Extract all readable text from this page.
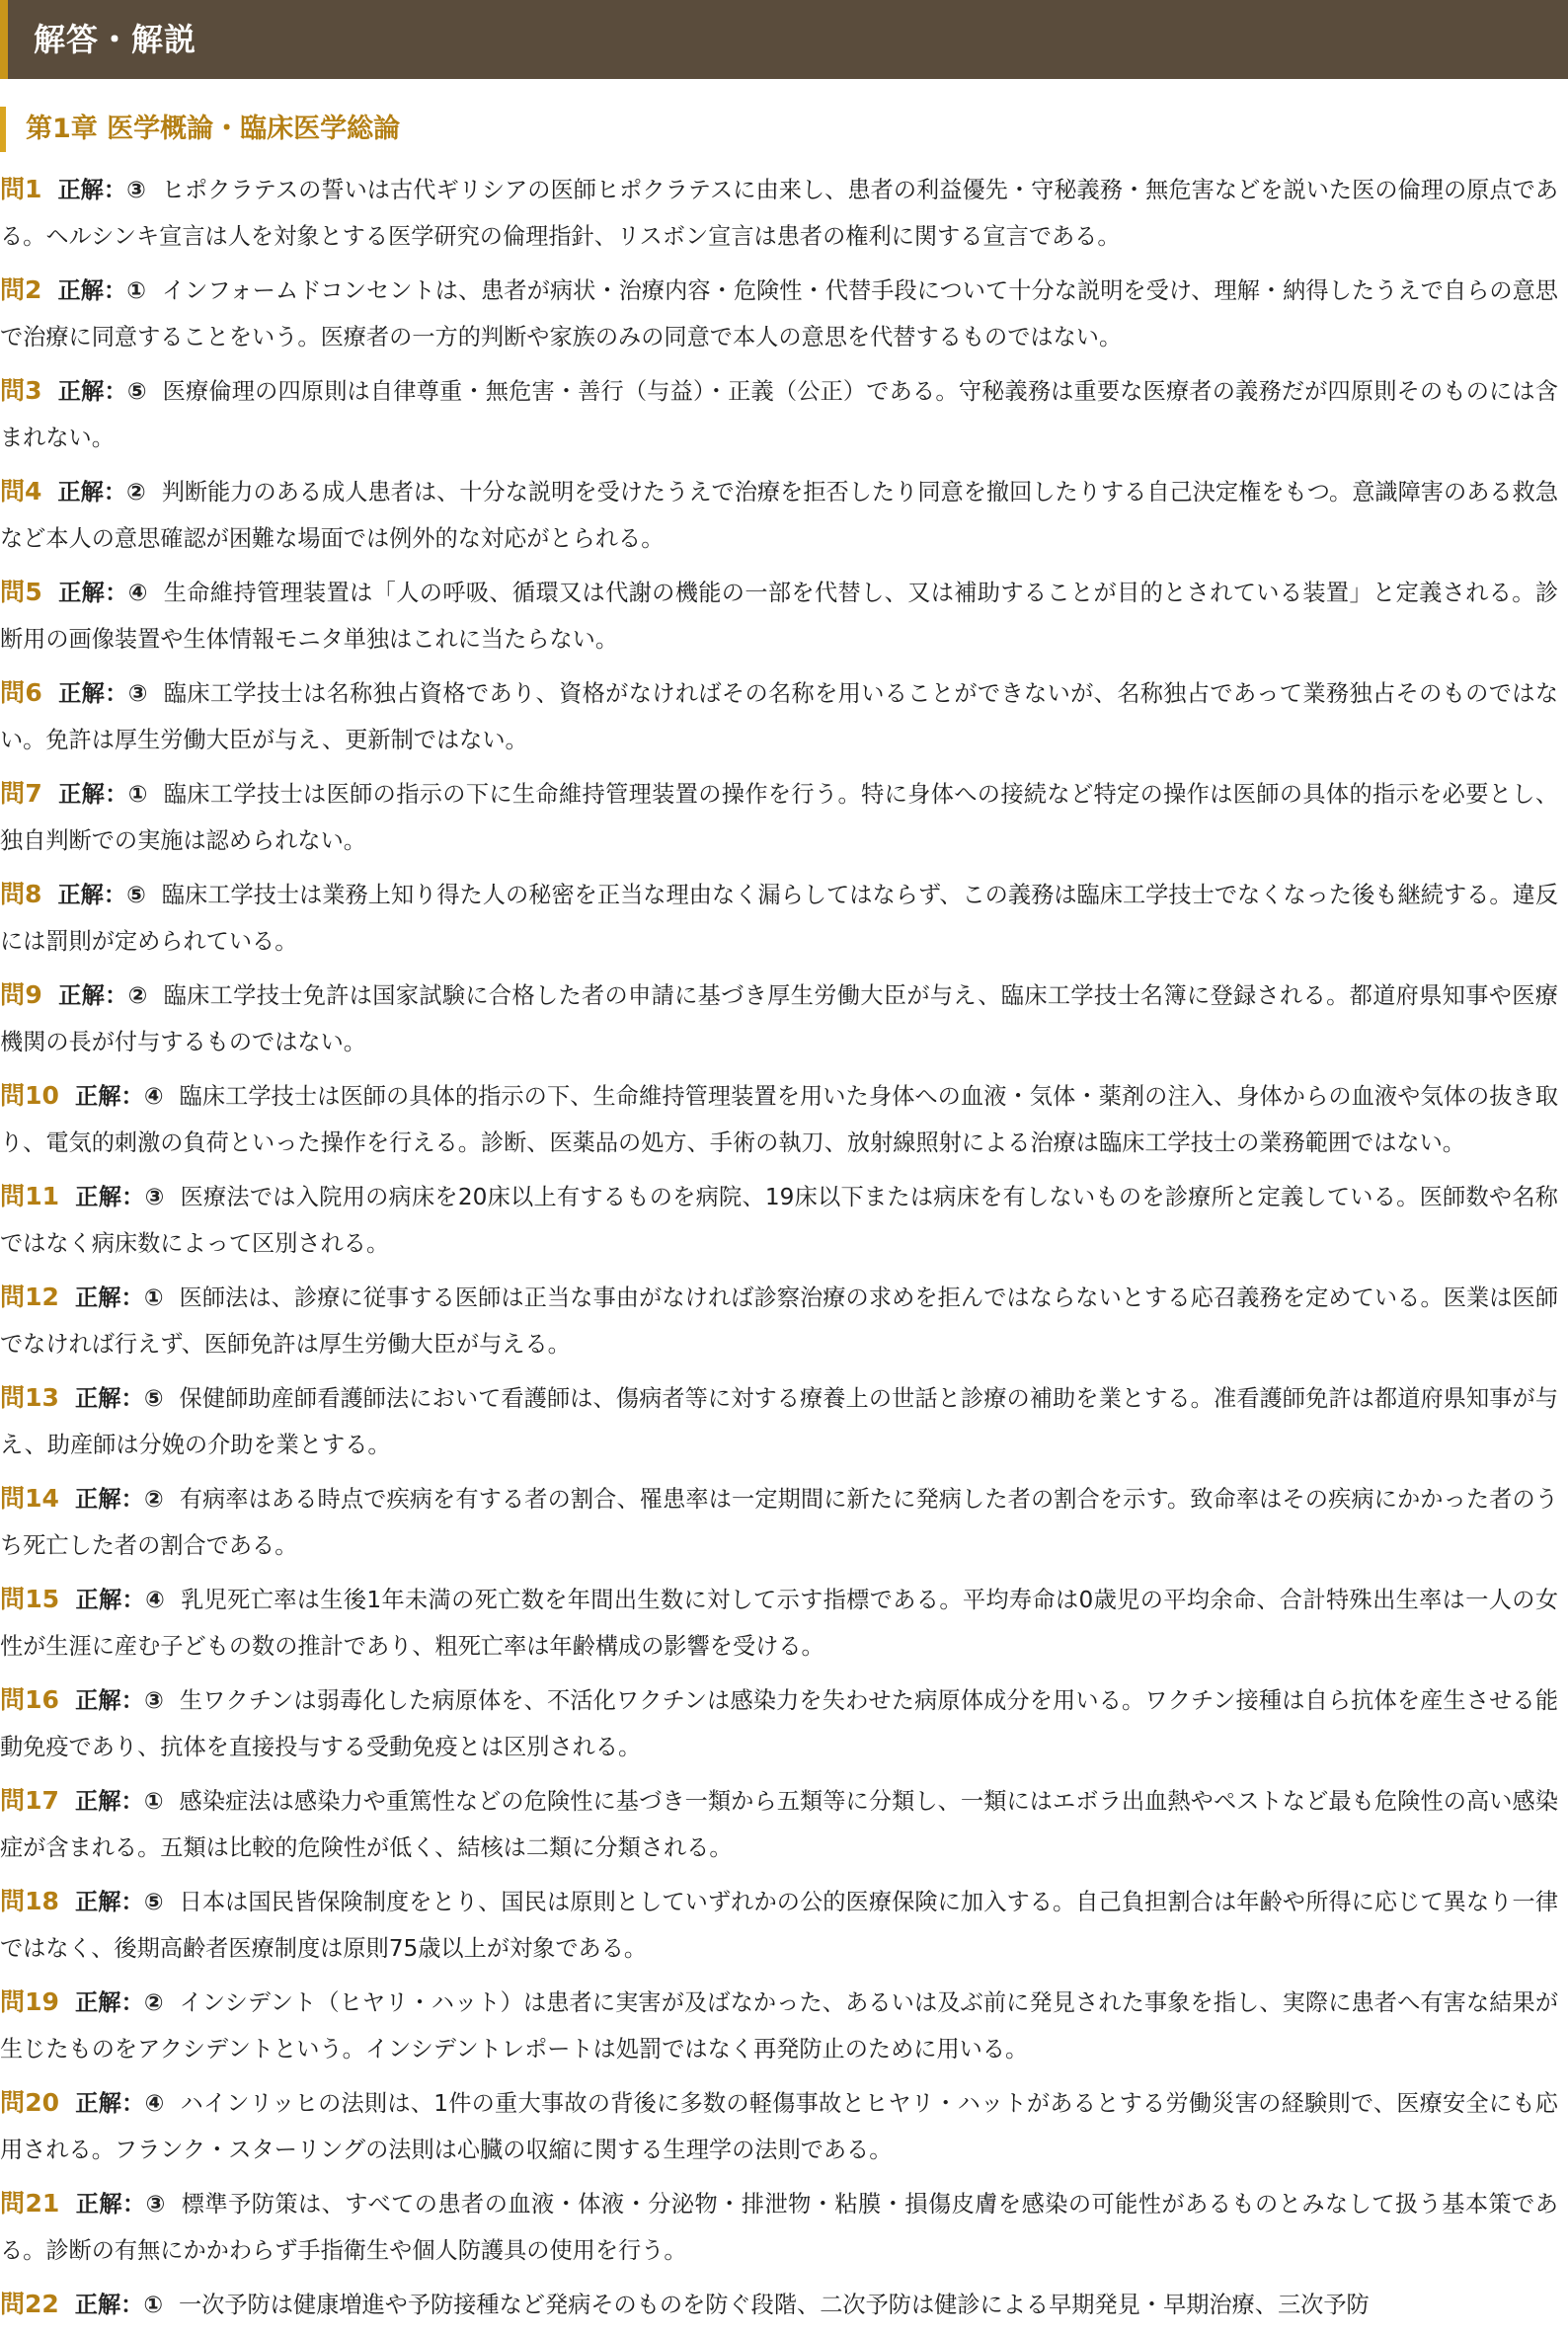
解答・解説
第1章 医学概論・臨床医学総論
問1 正解：③ ヒポクラテスの誓いは古代ギリシアの医師ヒポクラテスに由来し、患者の利益優先・守秘義務・無危害などを説いた医の倫理の原点である。ヘルシンキ宣言は人を対象とする医学研究の倫理指針、リスボン宣言は患者の権利に関する宣言である。
問2 正解：① インフォームドコンセントは、患者が病状・治療内容・危険性・代替手段について十分な説明を受け、理解・納得したうえで自らの意思で治療に同意することをいう。医療者の一方的判断や家族のみの同意で本人の意思を代替するものではない。
問3 正解：⑤ 医療倫理の四原則は自律尊重・無危害・善行（与益）・正義（公正）である。守秘義務は重要な医療者の義務だが四原則そのものには含まれない。
問4 正解：② 判断能力のある成人患者は、十分な説明を受けたうえで治療を拒否したり同意を撤回したりする自己決定権をもつ。意識障害のある救急など本人の意思確認が困難な場面では例外的な対応がとられる。
問5 正解：④ 生命維持管理装置は「人の呼吸、循環又は代謝の機能の一部を代替し、又は補助することが目的とされている装置」と定義される。診断用の画像装置や生体情報モニタ単独はこれに当たらない。
問6 正解：③ 臨床工学技士は名称独占資格であり、資格がなければその名称を用いることができないが、名称独占であって業務独占そのものではない。免許は厚生労働大臣が与え、更新制ではない。
問7 正解：① 臨床工学技士は医師の指示の下に生命維持管理装置の操作を行う。特に身体への接続など特定の操作は医師の具体的指示を必要とし、独自判断での実施は認められない。
問8 正解：⑤ 臨床工学技士は業務上知り得た人の秘密を正当な理由なく漏らしてはならず、この義務は臨床工学技士でなくなった後も継続する。違反には罰則が定められている。
問9 正解：② 臨床工学技士免許は国家試験に合格した者の申請に基づき厚生労働大臣が与え、臨床工学技士名簿に登録される。都道府県知事や医療機関の長が付与するものではない。
問10 正解：④ 臨床工学技士は医師の具体的指示の下、生命維持管理装置を用いた身体への血液・気体・薬剤の注入、身体からの血液や気体の抜き取り、電気的刺激の負荷といった操作を行える。診断、医薬品の処方、手術の執刀、放射線照射による治療は臨床工学技士の業務範囲ではない。
問11 正解：③ 医療法では入院用の病床を20床以上有するものを病院、19床以下または病床を有しないものを診療所と定義している。医師数や名称ではなく病床数によって区別される。
問12 正解：① 医師法は、診療に従事する医師は正当な事由がなければ診察治療の求めを拒んではならないとする応召義務を定めている。医業は医師でなければ行えず、医師免許は厚生労働大臣が与える。
問13 正解：⑤ 保健師助産師看護師法において看護師は、傷病者等に対する療養上の世話と診療の補助を業とする。准看護師免許は都道府県知事が与え、助産師は分娩の介助を業とする。
問14 正解：② 有病率はある時点で疾病を有する者の割合、罹患率は一定期間に新たに発病した者の割合を示す。致命率はその疾病にかかった者のうち死亡した者の割合である。
問15 正解：④ 乳児死亡率は生後1年未満の死亡数を年間出生数に対して示す指標である。平均寿命は0歳児の平均余命、合計特殊出生率は一人の女性が生涯に産む子どもの数の推計であり、粗死亡率は年齢構成の影響を受ける。
問16 正解：③ 生ワクチンは弱毒化した病原体を、不活化ワクチンは感染力を失わせた病原体成分を用いる。ワクチン接種は自ら抗体を産生させる能動免疫であり、抗体を直接投与する受動免疫とは区別される。
問17 正解：① 感染症法は感染力や重篤性などの危険性に基づき一類から五類等に分類し、一類にはエボラ出血熱やペストなど最も危険性の高い感染症が含まれる。五類は比較的危険性が低く、結核は二類に分類される。
問18 正解：⑤ 日本は国民皆保険制度をとり、国民は原則としていずれかの公的医療保険に加入する。自己負担割合は年齢や所得に応じて異なり一律ではなく、後期高齢者医療制度は原則75歳以上が対象である。
問19 正解：② インシデント（ヒヤリ・ハット）は患者に実害が及ばなかった、あるいは及ぶ前に発見された事象を指し、実際に患者へ有害な結果が生じたものをアクシデントという。インシデントレポートは処罰ではなく再発防止のために用いる。
問20 正解：④ ハインリッヒの法則は、1件の重大事故の背後に多数の軽傷事故とヒヤリ・ハットがあるとする労働災害の経験則で、医療安全にも応用される。フランク・スターリングの法則は心臓の収縮に関する生理学の法則である。
問21 正解：③ 標準予防策は、すべての患者の血液・体液・分泌物・排泄物・粘膜・損傷皮膚を感染の可能性があるものとみなして扱う基本策である。診断の有無にかかわらず手指衛生や個人防護具の使用を行う。
問22 正解：① 一次予防は健康増進や予防接種など発病そのものを防ぐ段階、二次予防は健診による早期発見・早期治療、三次予防
